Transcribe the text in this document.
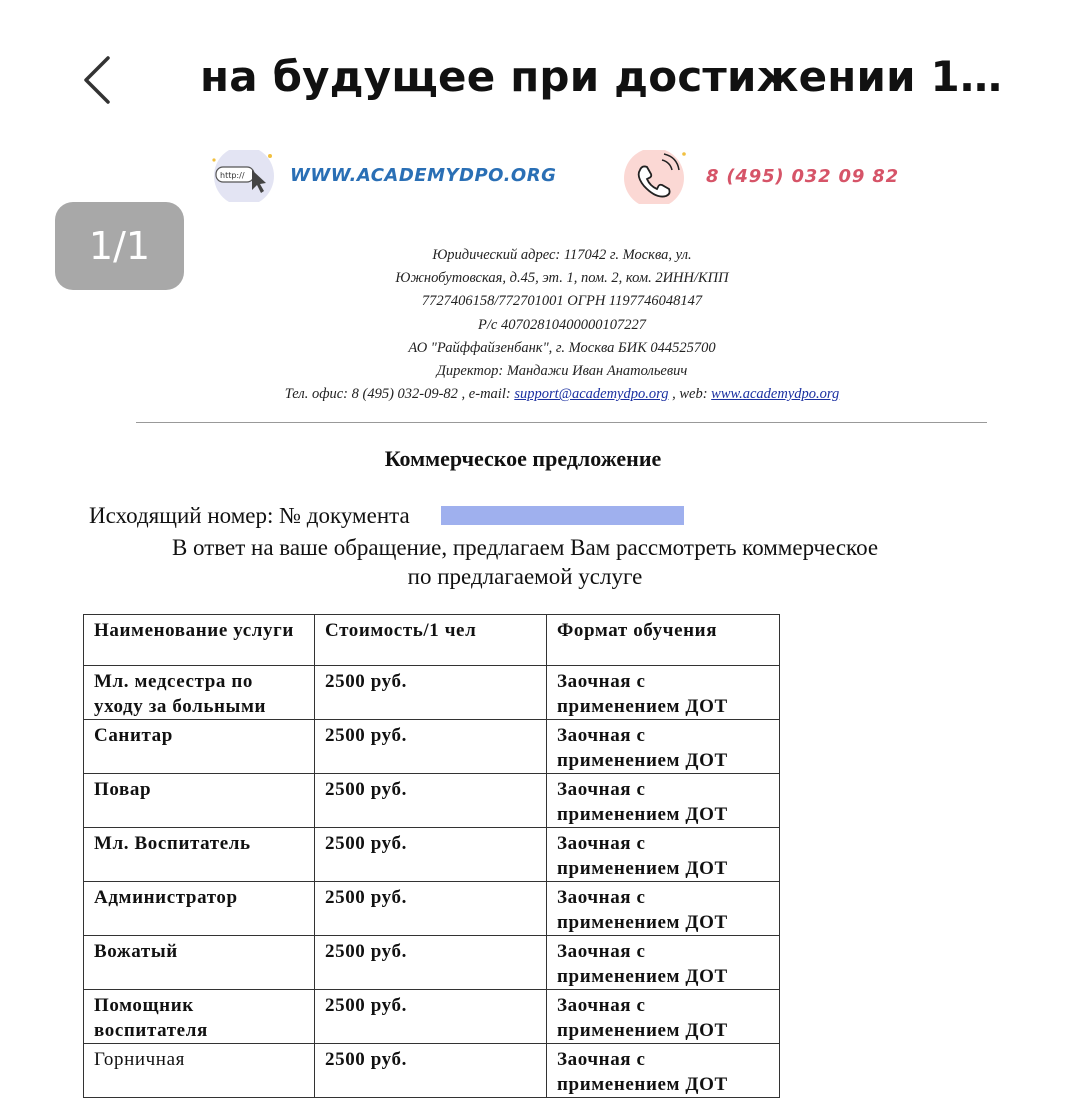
на будущее при достижении 1…
1/1
http://	WWW.ACADEMYDPO.ORG	8 (495) 032 09 82
Юридический адрес: 117042 г. Москва, ул.
Южнобутовская, д.45, эт. 1, пом. 2, ком. 2ИНН/КПП
7727406158/772701001 ОГРН 1197746048147
Р/с 40702810400000107227
АО "Райффайзенбанк", г. Москва БИК 044525700
Директор: Мандажи Иван Анатольевич
Тел. офис: 8 (495) 032-09-82 , e-mail: support@academydpo.org , web: www.academydpo.org
Коммерческое предложение
Исходящий номер: № документа
В ответ на ваше обращение, предлагаем Вам рассмотреть коммерческое
по предлагаемой услуге
Наименование услуги	Стоимость/1 чел	Формат обучения
Мл. медсестра по уходу за больными	2500 руб.	Заочная с применением ДОТ
Санитар	2500 руб.	Заочная с применением ДОТ
Повар	2500 руб.	Заочная с применением ДОТ
Мл. Воспитатель	2500 руб.	Заочная с применением ДОТ
Администратор	2500 руб.	Заочная с применением ДОТ
Вожатый	2500 руб.	Заочная с применением ДОТ
Помощник воспитателя	2500 руб.	Заочная с применением ДОТ
Горничная	2500 руб.	Заочная с применением ДОТ
